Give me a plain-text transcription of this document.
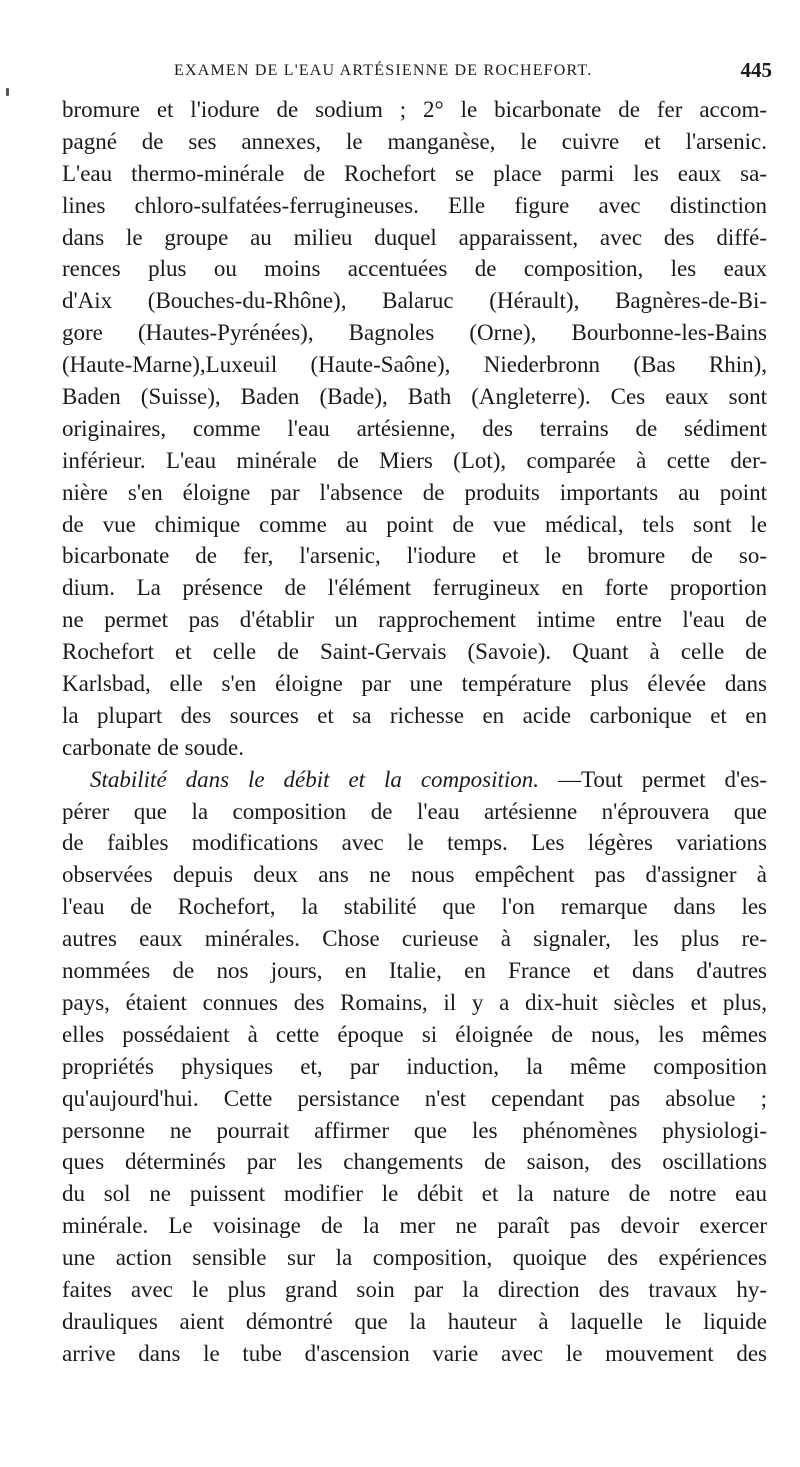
EXAMEN DE L'EAU ARTÉSIENNE DE ROCHEFORT.	445
bromure et l'iodure de sodium ; 2° le bicarbonate de fer accom-
pagné de ses annexes, le manganèse, le cuivre et l'arsenic.
L'eau thermo-minérale de Rochefort se place parmi les eaux sa-
lines chloro-sulfatées-ferrugineuses. Elle figure avec distinction
dans le groupe au milieu duquel apparaissent, avec des diffé-
rences plus ou moins accentuées de composition, les eaux
d'Aix (Bouches-du-Rhône), Balaruc (Hérault), Bagnères-de-Bi-
gore (Hautes-Pyrénées), Bagnoles (Orne), Bourbonne-les-Bains
(Haute-Marne),Luxeuil (Haute-Saône), Niederbronn (Bas Rhin),
Baden (Suisse), Baden (Bade), Bath (Angleterre). Ces eaux sont
originaires, comme l'eau artésienne, des terrains de sédiment
inférieur. L'eau minérale de Miers (Lot), comparée à cette der-
nière s'en éloigne par l'absence de produits importants au point
de vue chimique comme au point de vue médical, tels sont le
bicarbonate de fer, l'arsenic, l'iodure et le bromure de so-
dium. La présence de l'élément ferrugineux en forte proportion
ne permet pas d'établir un rapprochement intime entre l'eau de
Rochefort et celle de Saint-Gervais (Savoie). Quant à celle de
Karlsbad, elle s'en éloigne par une température plus élevée dans
la plupart des sources et sa richesse en acide carbonique et en
carbonate de soude.
Stabilité dans le débit et la composition. —Tout permet d'es-
pérer que la composition de l'eau artésienne n'éprouvera que
de faibles modifications avec le temps. Les légères variations
observées depuis deux ans ne nous empêchent pas d'assigner à
l'eau de Rochefort, la stabilité que l'on remarque dans les
autres eaux minérales. Chose curieuse à signaler, les plus re-
nommées de nos jours, en Italie, en France et dans d'autres
pays, étaient connues des Romains, il y a dix-huit siècles et plus,
elles possédaient à cette époque si éloignée de nous, les mêmes
propriétés physiques et, par induction, la même composition
qu'aujourd'hui. Cette persistance n'est cependant pas absolue ;
personne ne pourrait affirmer que les phénomènes physiologi-
ques déterminés par les changements de saison, des oscillations
du sol ne puissent modifier le débit et la nature de notre eau
minérale. Le voisinage de la mer ne paraît pas devoir exercer
une action sensible sur la composition, quoique des expériences
faites avec le plus grand soin par la direction des travaux hy-
drauliques aient démontré que la hauteur à laquelle le liquide
arrive dans le tube d'ascension varie avec le mouvement des
